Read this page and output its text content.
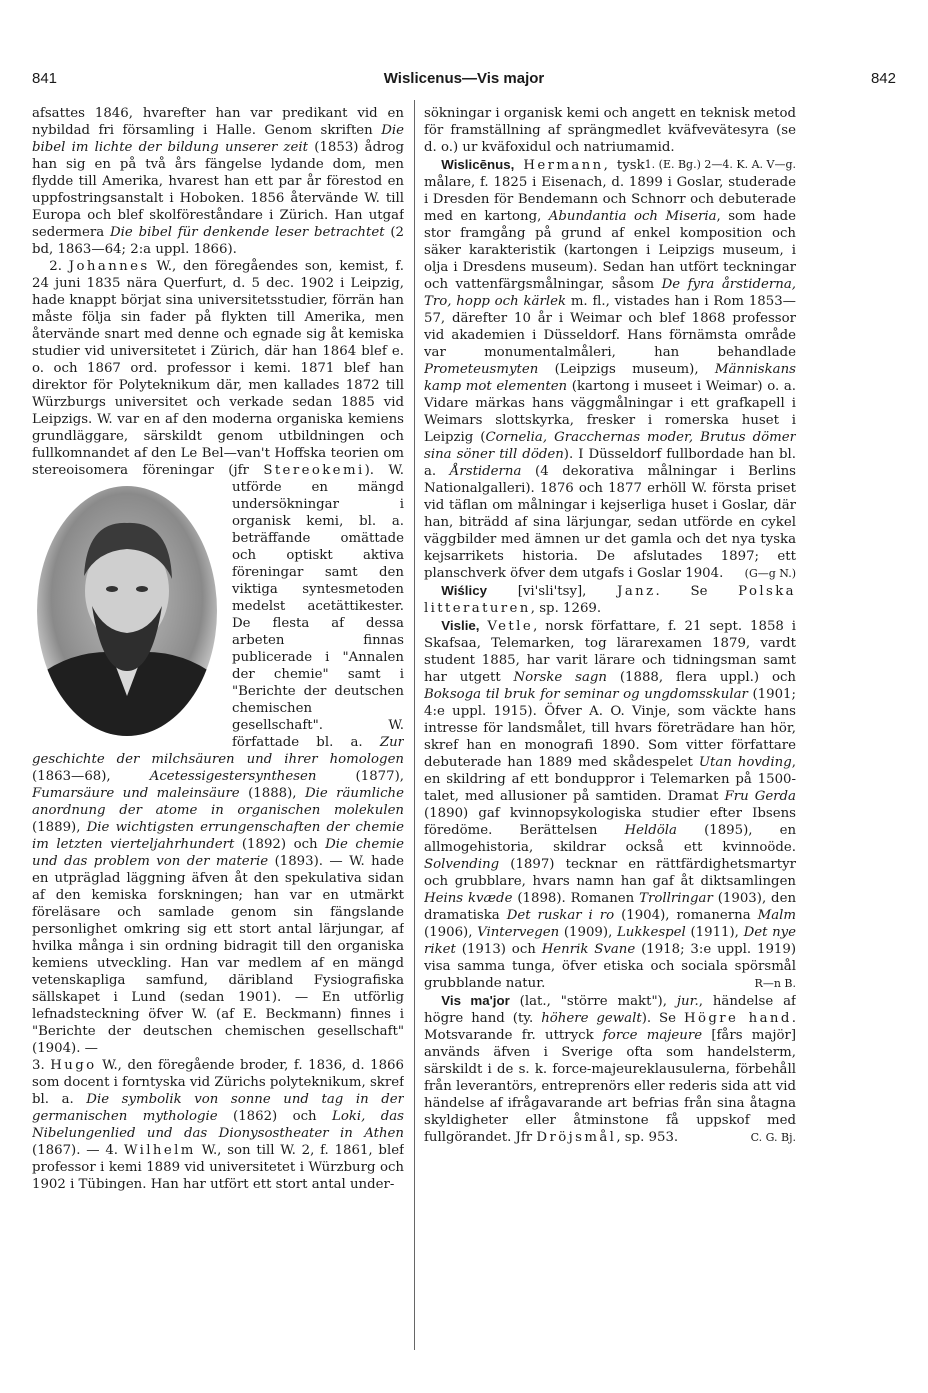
841	Wislicenus—Vis major	842

afsattes 1846, hvarefter han var predikant vid en nybildad fri församling i Halle. Genom skriften Die bibel im lichte der bildung unserer zeit (1853) ådrog han sig en på två års fängelse lydande dom, men flydde till Amerika, hvarest han ett par år förestod en uppfostringsanstalt i Hoboken. 1856 återvände W. till Europa och blef skolföreståndare i Zürich. Han utgaf sedermera Die bibel für denkende leser betrachtet (2 bd, 1863—64; 2:a uppl. 1866).

2. Johannes W., den föregåendes son, kemist, f. 24 juni 1835 nära Querfurt, d. 5 dec. 1902 i Leipzig, hade knappt börjat sina universitetsstudier, förrän han måste följa sin fader på flykten till Amerika, men återvände snart med denne och egnade sig åt kemiska studier vid universitetet i Zürich, där han 1864 blef e. o. och 1867 ord. professor i kemi. 1871 blef han direktor för Polyteknikum där, men kallades 1872 till Würzburgs universitet och verkade sedan 1885 vid Leipzigs. W. var en af den moderna organiska kemiens grundläggare, särskildt genom utbildningen och fullkomnandet af den Le Bel—van't Hoffska teorien om stereoisomera föreningar (jfr Stereokemi). W. utförde en mängd undersökningar i organisk kemi, bl. a. beträffande omättade och optiskt aktiva föreningar samt den viktiga syntesmetoden medelst acetättikester. De flesta af dessa arbeten finnas publicerade i "Annalen der chemie" samt i "Berichte der deutschen chemischen gesellschaft". W. författade bl. a. Zur geschichte der milchsäuren und ihrer homologen (1863—68),	Acetessigestersynthesen	(1877), Fumarsäure und maleinsäure (1888), Die räumliche anordnung der atome in organischen molekulen (1889), Die wichtigsten errungenschaften der chemie im letzten vierteljahrhundert (1892) och Die chemie und das problem von der materie (1893). — W. hade en utpräglad läggning äfven åt den spekulativa sidan af den kemiska forskningen; han var en utmärkt föreläsare och samlade genom sin fängslande personlighet omkring sig ett stort antal lärjungar, af hvilka många i sin ordning bidragit till den organiska kemiens utveckling. Han var medlem af en mängd vetenskapliga samfund, däribland Fysiografiska sällskapet i Lund (sedan 1901). — En utförlig lefnadsteckning öfver W. (af E. Beckmann) finnes i "Berichte der deutschen chemischen gesellschaft" (1904). —

3. Hugo W., den föregående broder, f. 1836, d. 1866 som docent i forntyska vid Zürichs polyteknikum, skref bl. a. Die symbolik von sonne und tag in der germanischen mythologie (1862) och Loki, das Nibelungenlied und das Dionysostheater in Athen (1867). — 4. Wilhelm W., son till W. 2, f. 1861, blef professor i kemi 1889 vid universitetet i Würzburg och 1902 i Tübingen. Han har utfört ett stort antal under-

sökningar i organisk kemi och angett en teknisk metod för framställning af sprängmedlet kväfvevätesyra (se d. o.) ur kväfoxidul och natriumamid.
1. (E. Bg.) 2—4. K. A. V—g.

Wislicēnus, Hermann, tysk målare, f. 1825 i Eisenach, d. 1899 i Goslar, studerade i Dresden för Bendemann och Schnorr och debuterade med en kartong, Abundantia och Miseria, som hade stor framgång på grund af enkel komposition och säker karakteristik (kartongen i Leipzigs museum, i olja i Dresdens museum). Sedan han utfört teckningar och vattenfärgsmålningar, såsom De fyra årstiderna, Tro, hopp och kärlek m. fl., vistades han i Rom 1853—57, därefter 10 år i Weimar och blef 1868 professor vid akademien i Düsseldorf. Hans förnämsta område var monumentalmåleri, han behandlade Prometeusmyten (Leipzigs museum), Människans kamp mot elementen (kartong i museet i Weimar) o. a. Vidare märkas hans väggmålningar i ett grafkapell i Weimars slottskyrka, fresker i romerska huset i Leipzig (Cornelia, Gracchernas moder, Brutus dömer sina söner till döden). I Düsseldorf fullbordade han bl. a. Årstiderna (4 dekorativa målningar i Berlins Nationalgalleri). 1876 och 1877 erhöll W. första priset vid täflan om målningar i kejserliga huset i Goslar, där han, biträdd af sina lärjungar, sedan utförde en cykel väggbilder med ämnen ur det gamla och det nya tyska kejsarrikets historia. De afslutades 1897; ett planschverk öfver dem utgafs i Goslar 1904.	(G—g N.)

Wiślicy [vi'sli'tsy], Janz. Se Polska litteraturen, sp. 1269.

Vislie, Vetle, norsk författare, f. 21 sept. 1858 i Skafsaa, Telemarken, tog lärarexamen 1879, vardt student 1885, har varit lärare och tidningsman samt har utgett Norske sagn (1888, flera uppl.) och Boksoga til bruk for seminar og ungdomsskular (1901; 4:e uppl. 1915). Öfver A. O. Vinje, som väckte hans intresse för landsmålet, till hvars företrädare han hör, skref han en monografi 1890. Som vitter författare debuterade han 1889 med skådespelet Utan hovding, en skildring af ett bonduppror i Telemarken på 1500-talet, med allusioner på samtiden. Dramat Fru Gerda (1890) gaf kvinnopsykologiska studier efter Ibsens föredöme. Berättelsen Heldöla (1895), en allmogehistoria, skildrar också ett kvinnoöde. Solvending (1897) tecknar en rättfärdighetsmartyr och grubblare, hvars namn han gaf åt diktsamlingen Heins kvæde (1898). Romanen Trollringar (1903), den dramatiska Det ruskar i ro (1904), romanerna Malm (1906), Vintervegen (1909), Lukkespel (1911), Det nye riket (1913) och Henrik Svane (1918; 3:e uppl. 1919) visa samma tunga, öfver etiska och sociala spörsmål grubblande natur.	R—n B.

Vis ma'jor (lat., "större makt"), jur., händelse af högre hand (ty. höhere gewalt). Se Högre hand. Motsvarande fr. uttryck force majeure [fårs majör] används äfven i Sverige ofta som handelsterm, särskildt i de s. k. force-majeureklausulerna, förbehåll från leverantörs, entreprenörs eller rederis sida att vid händelse af ifrågavarande art befrias från sina åtagna skyldigheter eller åtminstone få uppskof med fullgörandet. Jfr Dröjsmål, sp. 953.	C. G. Bj.
